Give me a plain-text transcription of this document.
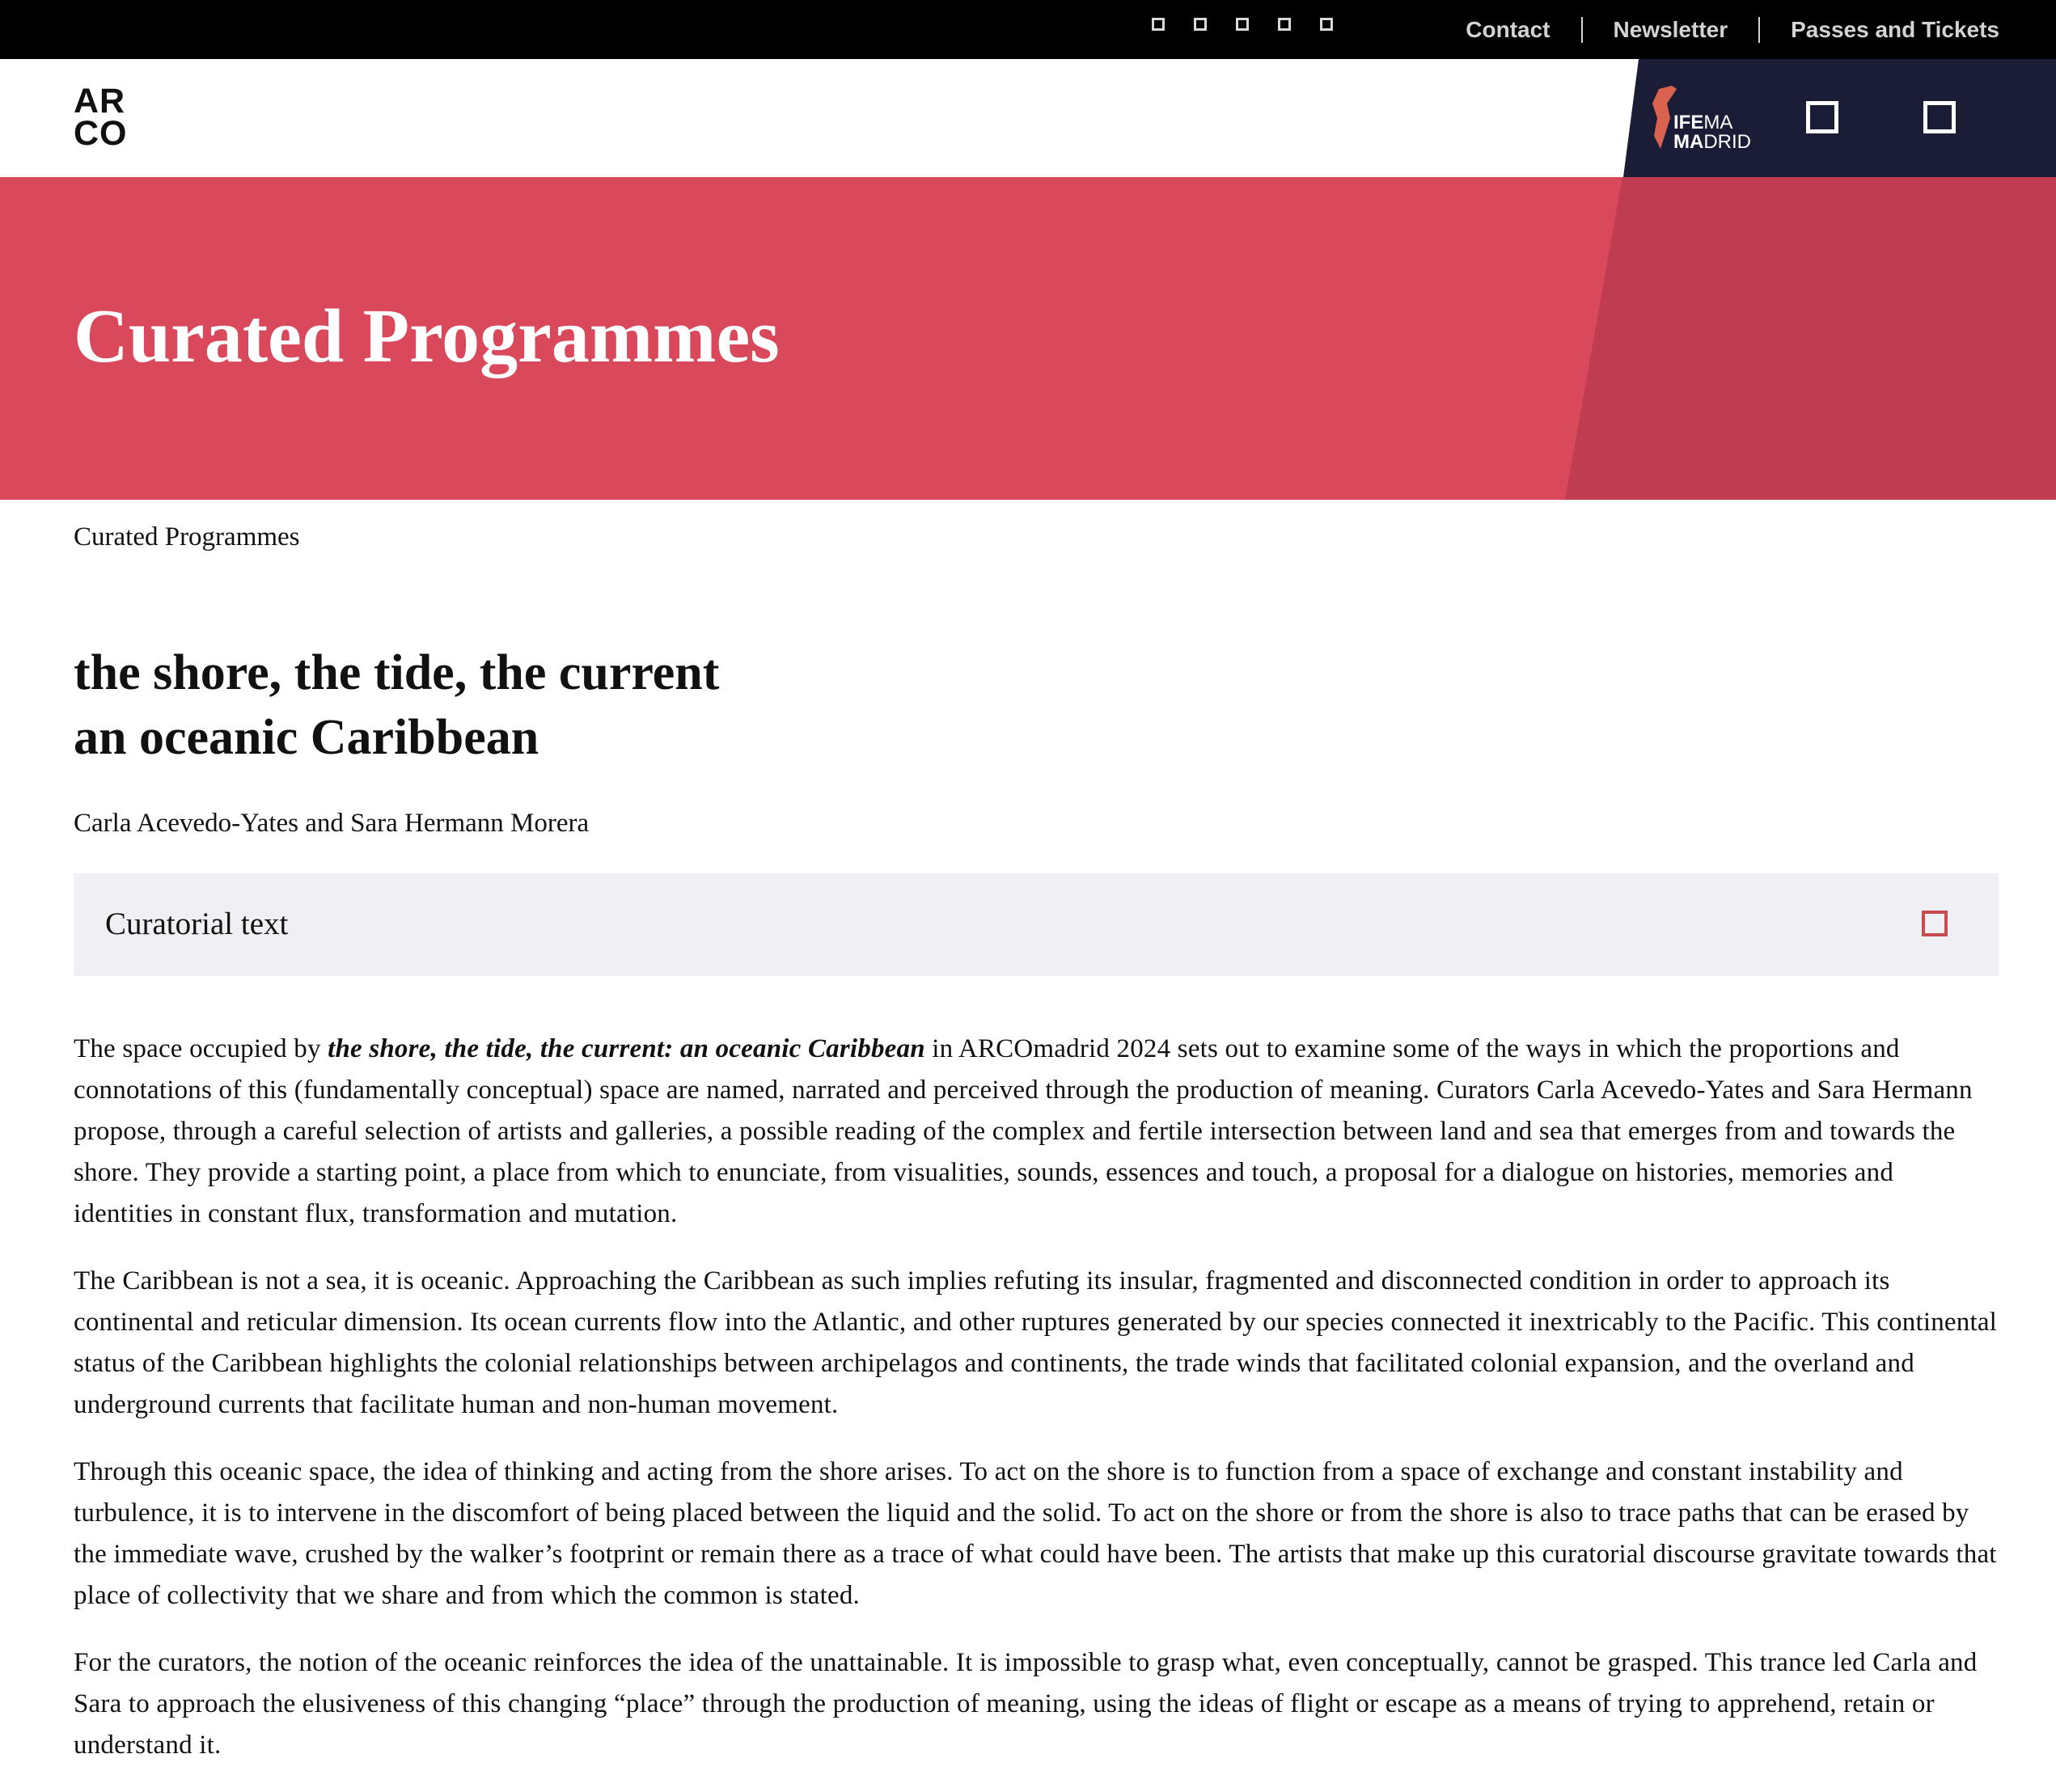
Contact	Newsletter	Passes and Tickets
AR
CO	IFEMA
MADRID
Curated Programmes
Curated Programmes
the shore, the tide, the current
an oceanic Caribbean
Carla Acevedo-Yates and Sara Hermann Morera
Curatorial text

The space occupied by the shore, the tide, the current: an oceanic Caribbean in ARCOmadrid 2024 sets out to examine some of the ways in which the proportions and connotations of this (fundamentally conceptual) space are named, narrated and perceived through the production of meaning. Curators Carla Acevedo-Yates and Sara Hermann propose, through a careful selection of artists and galleries, a possible reading of the complex and fertile intersection between land and sea that emerges from and towards the shore. They provide a starting point, a place from which to enunciate, from visualities, sounds, essences and touch, a proposal for a dialogue on histories, memories and identities in constant flux, transformation and mutation.

The Caribbean is not a sea, it is oceanic. Approaching the Caribbean as such implies refuting its insular, fragmented and disconnected condition in order to approach its continental and reticular dimension. Its ocean currents flow into the Atlantic, and other ruptures generated by our species connected it inextricably to the Pacific. This continental status of the Caribbean highlights the colonial relationships between archipelagos and continents, the trade winds that facilitated colonial expansion, and the overland and underground currents that facilitate human and non-human movement.

Through this oceanic space, the idea of thinking and acting from the shore arises. To act on the shore is to function from a space of exchange and constant instability and turbulence, it is to intervene in the discomfort of being placed between the liquid and the solid. To act on the shore or from the shore is also to trace paths that can be erased by the immediate wave, crushed by the walker’s footprint or remain there as a trace of what could have been. The artists that make up this curatorial discourse gravitate towards that place of collectivity that we share and from which the common is stated.

For the curators, the notion of the oceanic reinforces the idea of the unattainable. It is impossible to grasp what, even conceptually, cannot be grasped. This trance led Carla and Sara to approach the elusiveness of this changing “place” through the production of meaning, using the ideas of flight or escape as a means of trying to apprehend, retain or understand it.
